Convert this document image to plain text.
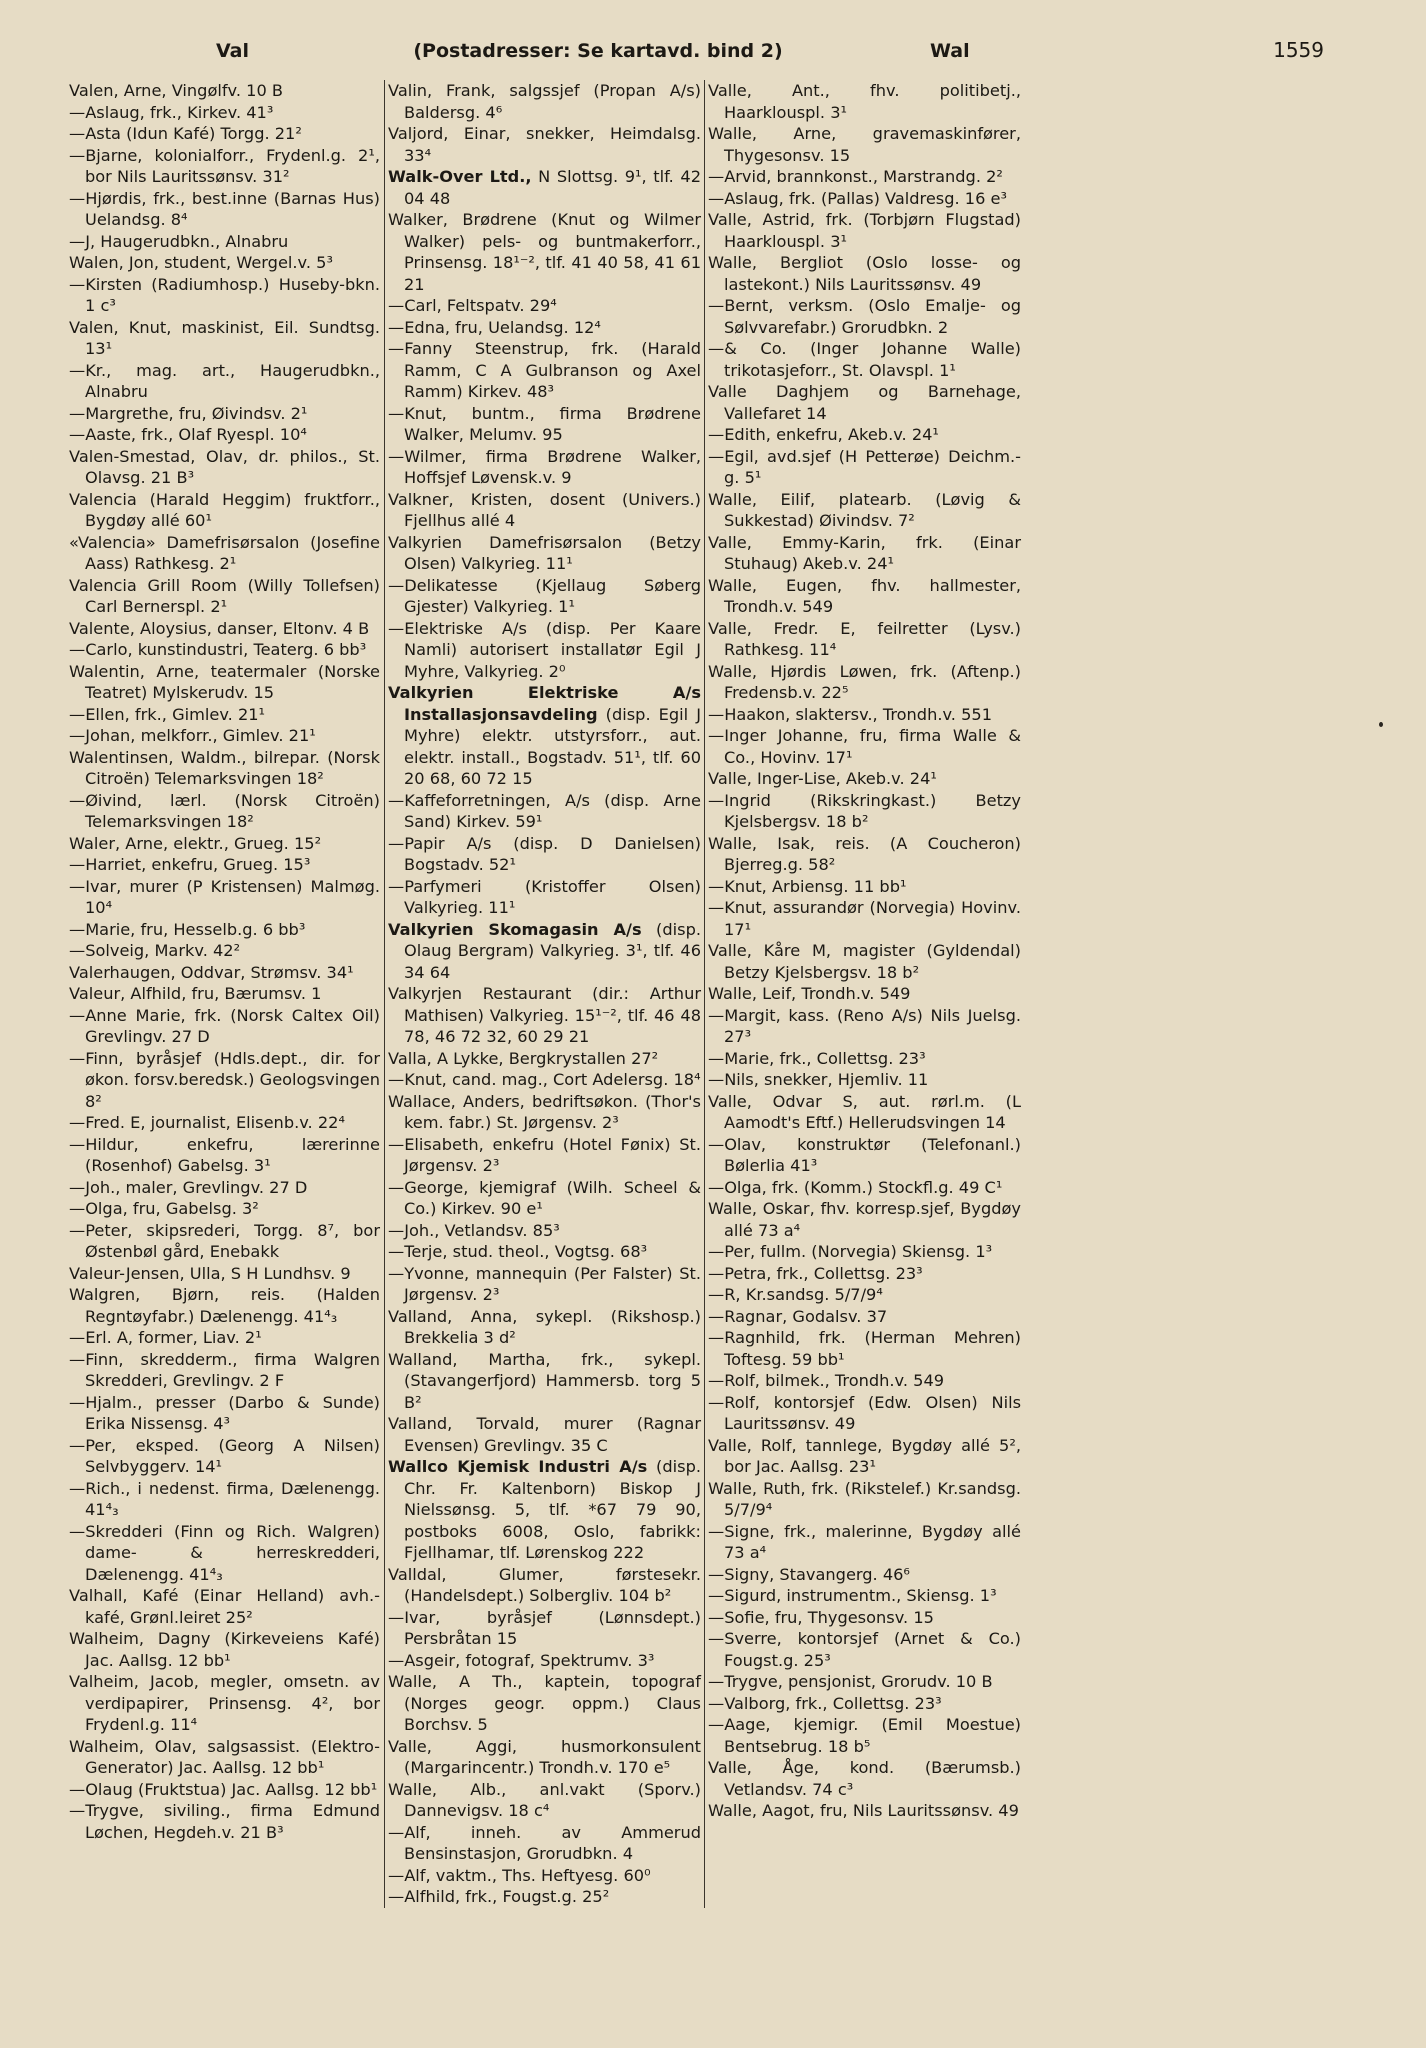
Val	(Postadresser: Se kartavd. bind 2)	Wal	1559
Valen, Arne, Vingølfv. 10 B
—Aslaug, frk., Kirkev. 41³
—Asta (Idun Kafé) Torgg. 21²
—Bjarne, kolonialforr., Frydenl.g. 2¹, bor Nils Lauritssønsv. 31²
—Hjørdis, frk., best.inne (Barnas Hus) Uelandsg. 8⁴
—J, Haugerudbkn., Alnabru
Walen, Jon, student, Wergel.v. 5³
—Kirsten (Radiumhosp.) Huseby-bkn. 1 c³
Valen, Knut, maskinist, Eil. Sundtsg. 13¹
—Kr., mag. art., Haugerudbkn., Alnabru
—Margrethe, fru, Øivindsv. 2¹
—Aaste, frk., Olaf Ryespl. 10⁴
Valen-Smestad, Olav, dr. philos., St. Olavsg. 21 B³
Valencia (Harald Heggim) fruktforr., Bygdøy allé 60¹
«Valencia» Damefrisørsalon (Josefine Aass) Rathkesg. 2¹
Valencia Grill Room (Willy Tollefsen) Carl Bernerspl. 2¹
Valente, Aloysius, danser, Eltonv. 4 B
—Carlo, kunstindustri, Teaterg. 6 bb³
Walentin, Arne, teatermaler (Norske Teatret) Mylskerudv. 15
—Ellen, frk., Gimlev. 21¹
—Johan, melkforr., Gimlev. 21¹
Walentinsen, Waldm., bilrepar. (Norsk Citroën) Telemarksvingen 18²
—Øivind, lærl. (Norsk Citroën) Telemarksvingen 18²
Waler, Arne, elektr., Grueg. 15²
—Harriet, enkefru, Grueg. 15³
—Ivar, murer (P Kristensen) Malmøg. 10⁴
—Marie, fru, Hesselb.g. 6 bb³
—Solveig, Markv. 42²
Valerhaugen, Oddvar, Strømsv. 34¹
Valeur, Alfhild, fru, Bærumsv. 1
—Anne Marie, frk. (Norsk Caltex Oil) Grevlingv. 27 D
—Finn, byråsjef (Hdls.dept., dir. for økon. forsv.beredsk.) Geologsvingen 8²
—Fred. E, journalist, Elisenb.v. 22⁴
—Hildur, enkefru, lærerinne (Rosenhof) Gabelsg. 3¹
—Joh., maler, Grevlingv. 27 D
—Olga, fru, Gabelsg. 3²
—Peter, skipsrederi, Torgg. 8⁷, bor Østenbøl gård, Enebakk
Valeur-Jensen, Ulla, S H Lundhsv. 9
Walgren, Bjørn, reis. (Halden Regntøyfabr.) Dælenengg. 41⁴₃
—Erl. A, former, Liav. 2¹
—Finn, skredderm., firma Walgren Skredderi, Grevlingv. 2 F
—Hjalm., presser (Darbo & Sunde) Erika Nissensg. 4³
—Per, eksped. (Georg A Nilsen) Selvbyggerv. 14¹
—Rich., i nedenst. firma, Dælenengg. 41⁴₃
—Skredderi (Finn og Rich. Walgren) dame- & herreskredderi, Dælenengg. 41⁴₃
Valhall, Kafé (Einar Helland) avh.-kafé, Grønl.leiret 25²
Walheim, Dagny (Kirkeveiens Kafé) Jac. Aallsg. 12 bb¹
Valheim, Jacob, megler, omsetn. av verdipapirer, Prinsensg. 4², bor Frydenl.g. 11⁴
Walheim, Olav, salgsassist. (Elektro-Generator) Jac. Aallsg. 12 bb¹
—Olaug (Fruktstua) Jac. Aallsg. 12 bb¹
—Trygve, siviling., firma Edmund Løchen, Hegdeh.v. 21 B³
Valin, Frank, salgssjef (Propan A/s) Baldersg. 4⁶
Valjord, Einar, snekker, Heimdalsg. 33⁴
Walk-Over Ltd., N Slottsg. 9¹, tlf. 42 04 48
Walker, Brødrene (Knut og Wilmer Walker) pels- og buntmakerforr., Prinsensg. 18¹⁻², tlf. 41 40 58, 41 61 21
—Carl, Feltspatv. 29⁴
—Edna, fru, Uelandsg. 12⁴
—Fanny Steenstrup, frk. (Harald Ramm, C A Gulbranson og Axel Ramm) Kirkev. 48³
—Knut, buntm., firma Brødrene Walker, Melumv. 95
—Wilmer, firma Brødrene Walker, Hoffsjef Løvensk.v. 9
Valkner, Kristen, dosent (Univers.) Fjellhus allé 4
Valkyrien Damefrisørsalon (Betzy Olsen) Valkyrieg. 11¹
—Delikatesse (Kjellaug Søberg Gjester) Valkyrieg. 1¹
—Elektriske A/s (disp. Per Kaare Namli) autorisert installatør Egil J Myhre, Valkyrieg. 2⁰
Valkyrien Elektriske A/s Installasjonsavdeling (disp. Egil J Myhre) elektr. utstyrsforr., aut. elektr. install., Bogstadv. 51¹, tlf. 60 20 68, 60 72 15
—Kaffeforretningen, A/s (disp. Arne Sand) Kirkev. 59¹
—Papir A/s (disp. D Danielsen) Bogstadv. 52¹
—Parfymeri (Kristoffer Olsen) Valkyrieg. 11¹
Valkyrien Skomagasin A/s (disp. Olaug Bergram) Valkyrieg. 3¹, tlf. 46 34 64
Valkyrjen Restaurant (dir.: Arthur Mathisen) Valkyrieg. 15¹⁻², tlf. 46 48 78, 46 72 32, 60 29 21
Valla, A Lykke, Bergkrystallen 27²
—Knut, cand. mag., Cort Adelersg. 18⁴
Wallace, Anders, bedriftsøkon. (Thor's kem. fabr.) St. Jørgensv. 2³
—Elisabeth, enkefru (Hotel Fønix) St. Jørgensv. 2³
—George, kjemigraf (Wilh. Scheel & Co.) Kirkev. 90 e¹
—Joh., Vetlandsv. 85³
—Terje, stud. theol., Vogtsg. 68³
—Yvonne, mannequin (Per Falster) St. Jørgensv. 2³
Valland, Anna, sykepl. (Rikshosp.) Brekkelia 3 d²
Walland, Martha, frk., sykepl. (Stavangerfjord) Hammersb. torg 5 B²
Valland, Torvald, murer (Ragnar Evensen) Grevlingv. 35 C
Wallco Kjemisk Industri A/s (disp. Chr. Fr. Kaltenborn) Biskop J Nielssønsg. 5, tlf. *67 79 90, postboks 6008, Oslo, fabrikk: Fjellhamar, tlf. Lørenskog 222
Valldal, Glumer, førstesekr. (Handelsdept.) Solbergliv. 104 b²
—Ivar, byråsjef (Lønnsdept.) Persbråtan 15
—Asgeir, fotograf, Spektrumv. 3³
Walle, A Th., kaptein, topograf (Norges geogr. oppm.) Claus Borchsv. 5
Valle, Aggi, husmorkonsulent (Margarincentr.) Trondh.v. 170 e⁵
Walle, Alb., anl.vakt (Sporv.) Dannevigsv. 18 c⁴
—Alf, inneh. av Ammerud Bensinstasjon, Grorudbkn. 4
—Alf, vaktm., Ths. Heftyesg. 60⁰
—Alfhild, frk., Fougst.g. 25²
Valle, Ant., fhv. politibetj., Haarklouspl. 3¹
Walle, Arne, gravemaskinfører, Thygesonsv. 15
—Arvid, brannkonst., Marstrandg. 2²
—Aslaug, frk. (Pallas) Valdresg. 16 e³
Valle, Astrid, frk. (Torbjørn Flugstad) Haarklouspl. 3¹
Walle, Bergliot (Oslo losse- og lastekont.) Nils Lauritssønsv. 49
—Bernt, verksm. (Oslo Emalje- og Sølvvarefabr.) Grorudbkn. 2
—& Co. (Inger Johanne Walle) trikotasjeforr., St. Olavspl. 1¹
Valle Daghjem og Barnehage, Vallefaret 14
—Edith, enkefru, Akeb.v. 24¹
—Egil, avd.sjef (H Petterøe) Deichm.-g. 5¹
Walle, Eilif, platearb. (Løvig & Sukkestad) Øivindsv. 7²
Valle, Emmy-Karin, frk. (Einar Stuhaug) Akeb.v. 24¹
Walle, Eugen, fhv. hallmester, Trondh.v. 549
Valle, Fredr. E, feilretter (Lysv.) Rathkesg. 11⁴
Walle, Hjørdis Løwen, frk. (Aftenp.) Fredensb.v. 22⁵
—Haakon, slaktersv., Trondh.v. 551
—Inger Johanne, fru, firma Walle & Co., Hovinv. 17¹
Valle, Inger-Lise, Akeb.v. 24¹
—Ingrid (Rikskringkast.) Betzy Kjelsbergsv. 18 b²
Walle, Isak, reis. (A Coucheron) Bjerreg.g. 58²
—Knut, Arbiensg. 11 bb¹
—Knut, assurandør (Norvegia) Hovinv. 17¹
Valle, Kåre M, magister (Gyldendal) Betzy Kjelsbergsv. 18 b²
Walle, Leif, Trondh.v. 549
—Margit, kass. (Reno A/s) Nils Juelsg. 27³
—Marie, frk., Collettsg. 23³
—Nils, snekker, Hjemliv. 11
Valle, Odvar S, aut. rørl.m. (L Aamodt's Eftf.) Hellerudsvingen 14
—Olav, konstruktør (Telefonanl.) Bølerlia 41³
—Olga, frk. (Komm.) Stockfl.g. 49 C¹
Walle, Oskar, fhv. korresp.sjef, Bygdøy allé 73 a⁴
—Per, fullm. (Norvegia) Skiensg. 1³
—Petra, frk., Collettsg. 23³
—R, Kr.sandsg. 5/7/9⁴
—Ragnar, Godalsv. 37
—Ragnhild, frk. (Herman Mehren) Toftesg. 59 bb¹
—Rolf, bilmek., Trondh.v. 549
—Rolf, kontorsjef (Edw. Olsen) Nils Lauritssønsv. 49
Valle, Rolf, tannlege, Bygdøy allé 5², bor Jac. Aallsg. 23¹
Walle, Ruth, frk. (Rikstelef.) Kr.sandsg. 5/7/9⁴
—Signe, frk., malerinne, Bygdøy allé 73 a⁴
—Signy, Stavangerg. 46⁶
—Sigurd, instrumentm., Skiensg. 1³
—Sofie, fru, Thygesonsv. 15
—Sverre, kontorsjef (Arnet & Co.) Fougst.g. 25³
—Trygve, pensjonist, Grorudv. 10 B
—Valborg, frk., Collettsg. 23³
—Aage, kjemigr. (Emil Moestue) Bentsebrug. 18 b⁵
Valle, Åge, kond. (Bærumsb.) Vetlandsv. 74 c³
Walle, Aagot, fru, Nils Lauritssønsv. 49
